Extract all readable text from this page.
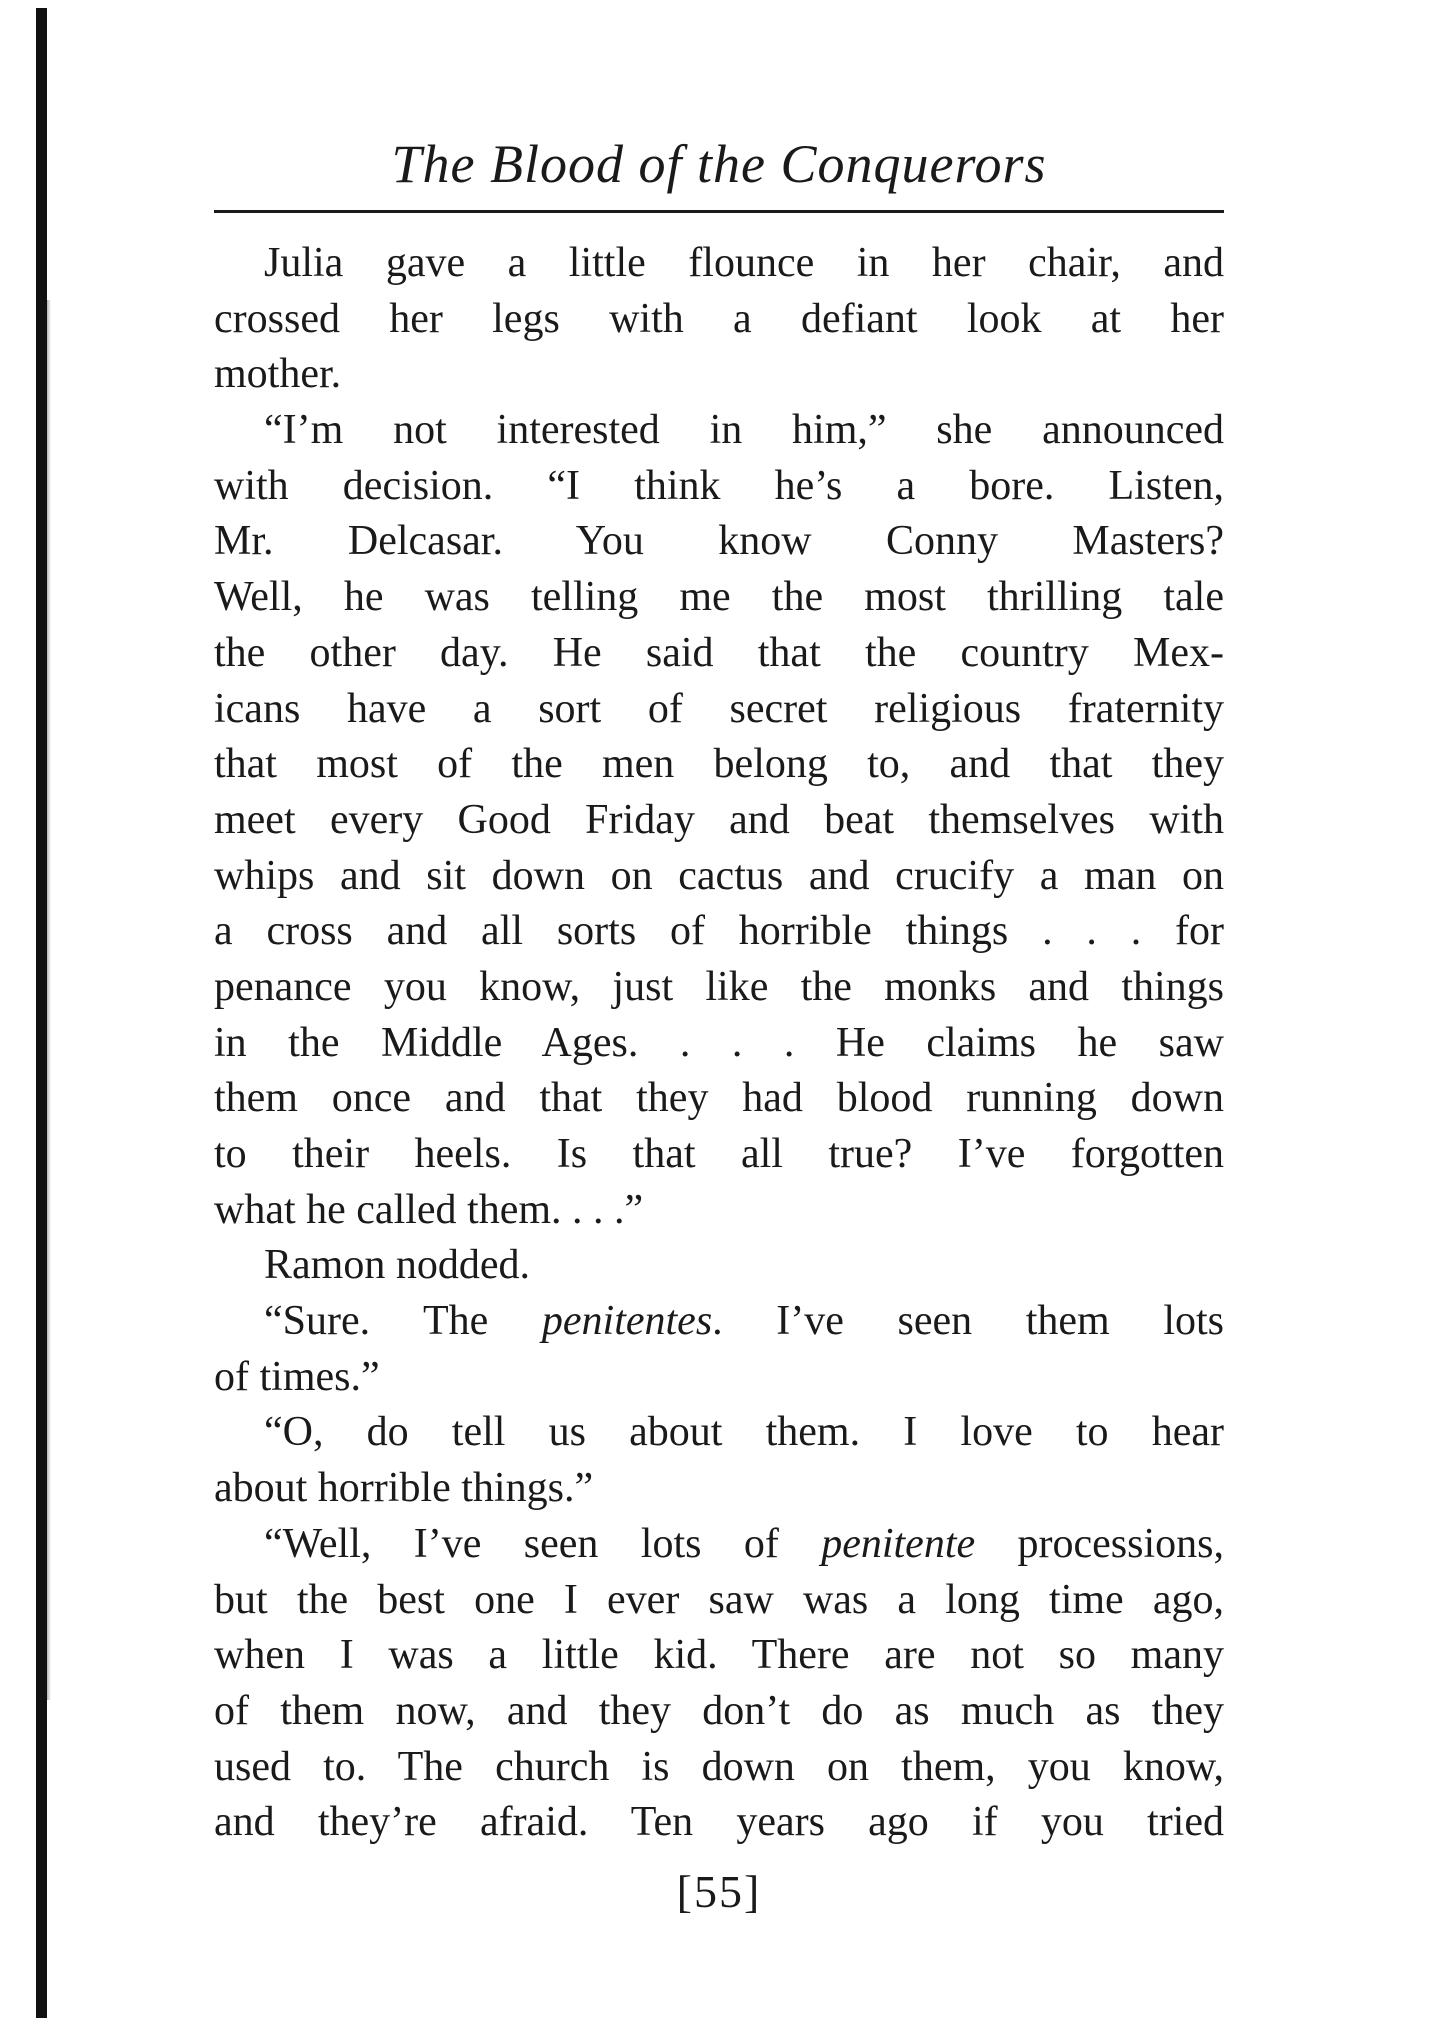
The Blood of the Conquerors
Julia gave a little flounce in her chair, and
crossed her legs with a defiant look at her
mother.
“I’m not interested in him,” she announced
with decision. “I think he’s a bore. Listen,
Mr. Delcasar. You know Conny Masters?
Well, he was telling me the most thrilling tale
the other day. He said that the country Mex-
icans have a sort of secret religious fraternity
that most of the men belong to, and that they
meet every Good Friday and beat themselves with
whips and sit down on cactus and crucify a man on
a cross and all sorts of horrible things . . . for
penance you know, just like the monks and things
in the Middle Ages. . . . He claims he saw
them once and that they had blood running down
to their heels. Is that all true? I’ve forgotten
what he called them. . . .”
Ramon nodded.
“Sure. The penitentes. I’ve seen them lots
of times.”
“O, do tell us about them. I love to hear
about horrible things.”
“Well, I’ve seen lots of penitente processions,
but the best one I ever saw was a long time ago,
when I was a little kid. There are not so many
of them now, and they don’t do as much as they
used to. The church is down on them, you know,
and they’re afraid. Ten years ago if you tried
[55]
